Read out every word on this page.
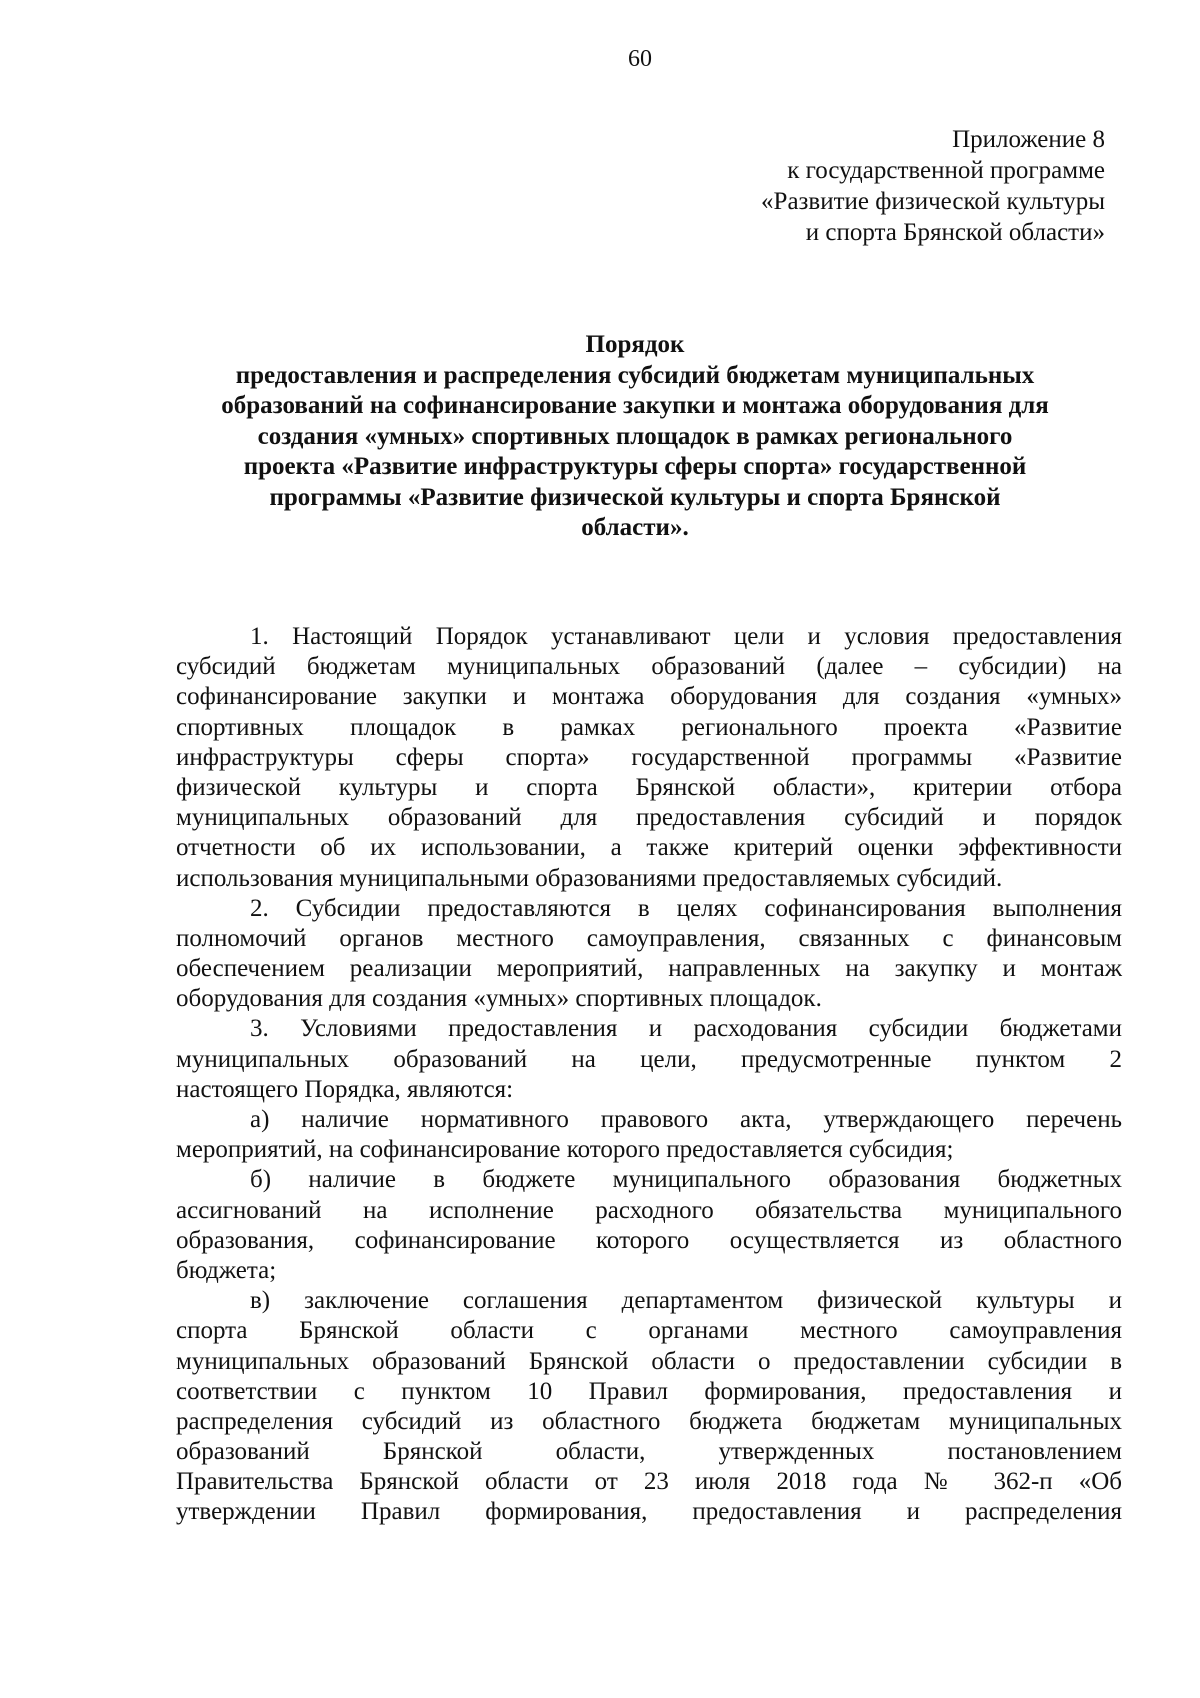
60
Приложение 8
к государственной программе
«Развитие физической культуры
и спорта Брянской области»
Порядок
предоставления и распределения субсидий бюджетам муниципальных
образований на софинансирование закупки и монтажа оборудования для
создания «умных» спортивных площадок в рамках регионального
проекта «Развитие инфраструктуры сферы спорта» государственной
программы «Развитие физической культуры и спорта Брянской
области».
1. Настоящий Порядок устанавливают цели и условия предоставления
субсидий бюджетам муниципальных образований (далее – субсидии) на
софинансирование закупки и монтажа оборудования для создания «умных»
спортивных площадок в рамках регионального проекта «Развитие
инфраструктуры сферы спорта» государственной программы «Развитие
физической культуры и спорта Брянской области», критерии отбора
муниципальных образований для предоставления субсидий и порядок
отчетности об их использовании, а также критерий оценки эффективности
использования муниципальными образованиями предоставляемых субсидий.
2. Субсидии предоставляются в целях софинансирования выполнения
полномочий органов местного самоуправления, связанных с финансовым
обеспечением реализации мероприятий, направленных на закупку и монтаж
оборудования для создания «умных» спортивных площадок.
3. Условиями предоставления и расходования субсидии бюджетами
муниципальных образований на цели, предусмотренные пунктом 2
настоящего Порядка, являются:
а) наличие нормативного правового акта, утверждающего перечень
мероприятий, на софинансирование которого предоставляется субсидия;
б) наличие в бюджете муниципального образования бюджетных
ассигнований на исполнение расходного обязательства муниципального
образования, софинансирование которого осуществляется из областного
бюджета;
в) заключение соглашения департаментом физической культуры и
спорта Брянской области с органами местного самоуправления
муниципальных образований Брянской области о предоставлении субсидии в
соответствии с пунктом 10 Правил формирования, предоставления и
распределения субсидий из областного бюджета бюджетам муниципальных
образований Брянской области, утвержденных постановлением
Правительства Брянской области от 23 июля 2018 года № 362-п «Об
утверждении Правил формирования, предоставления и распределения
